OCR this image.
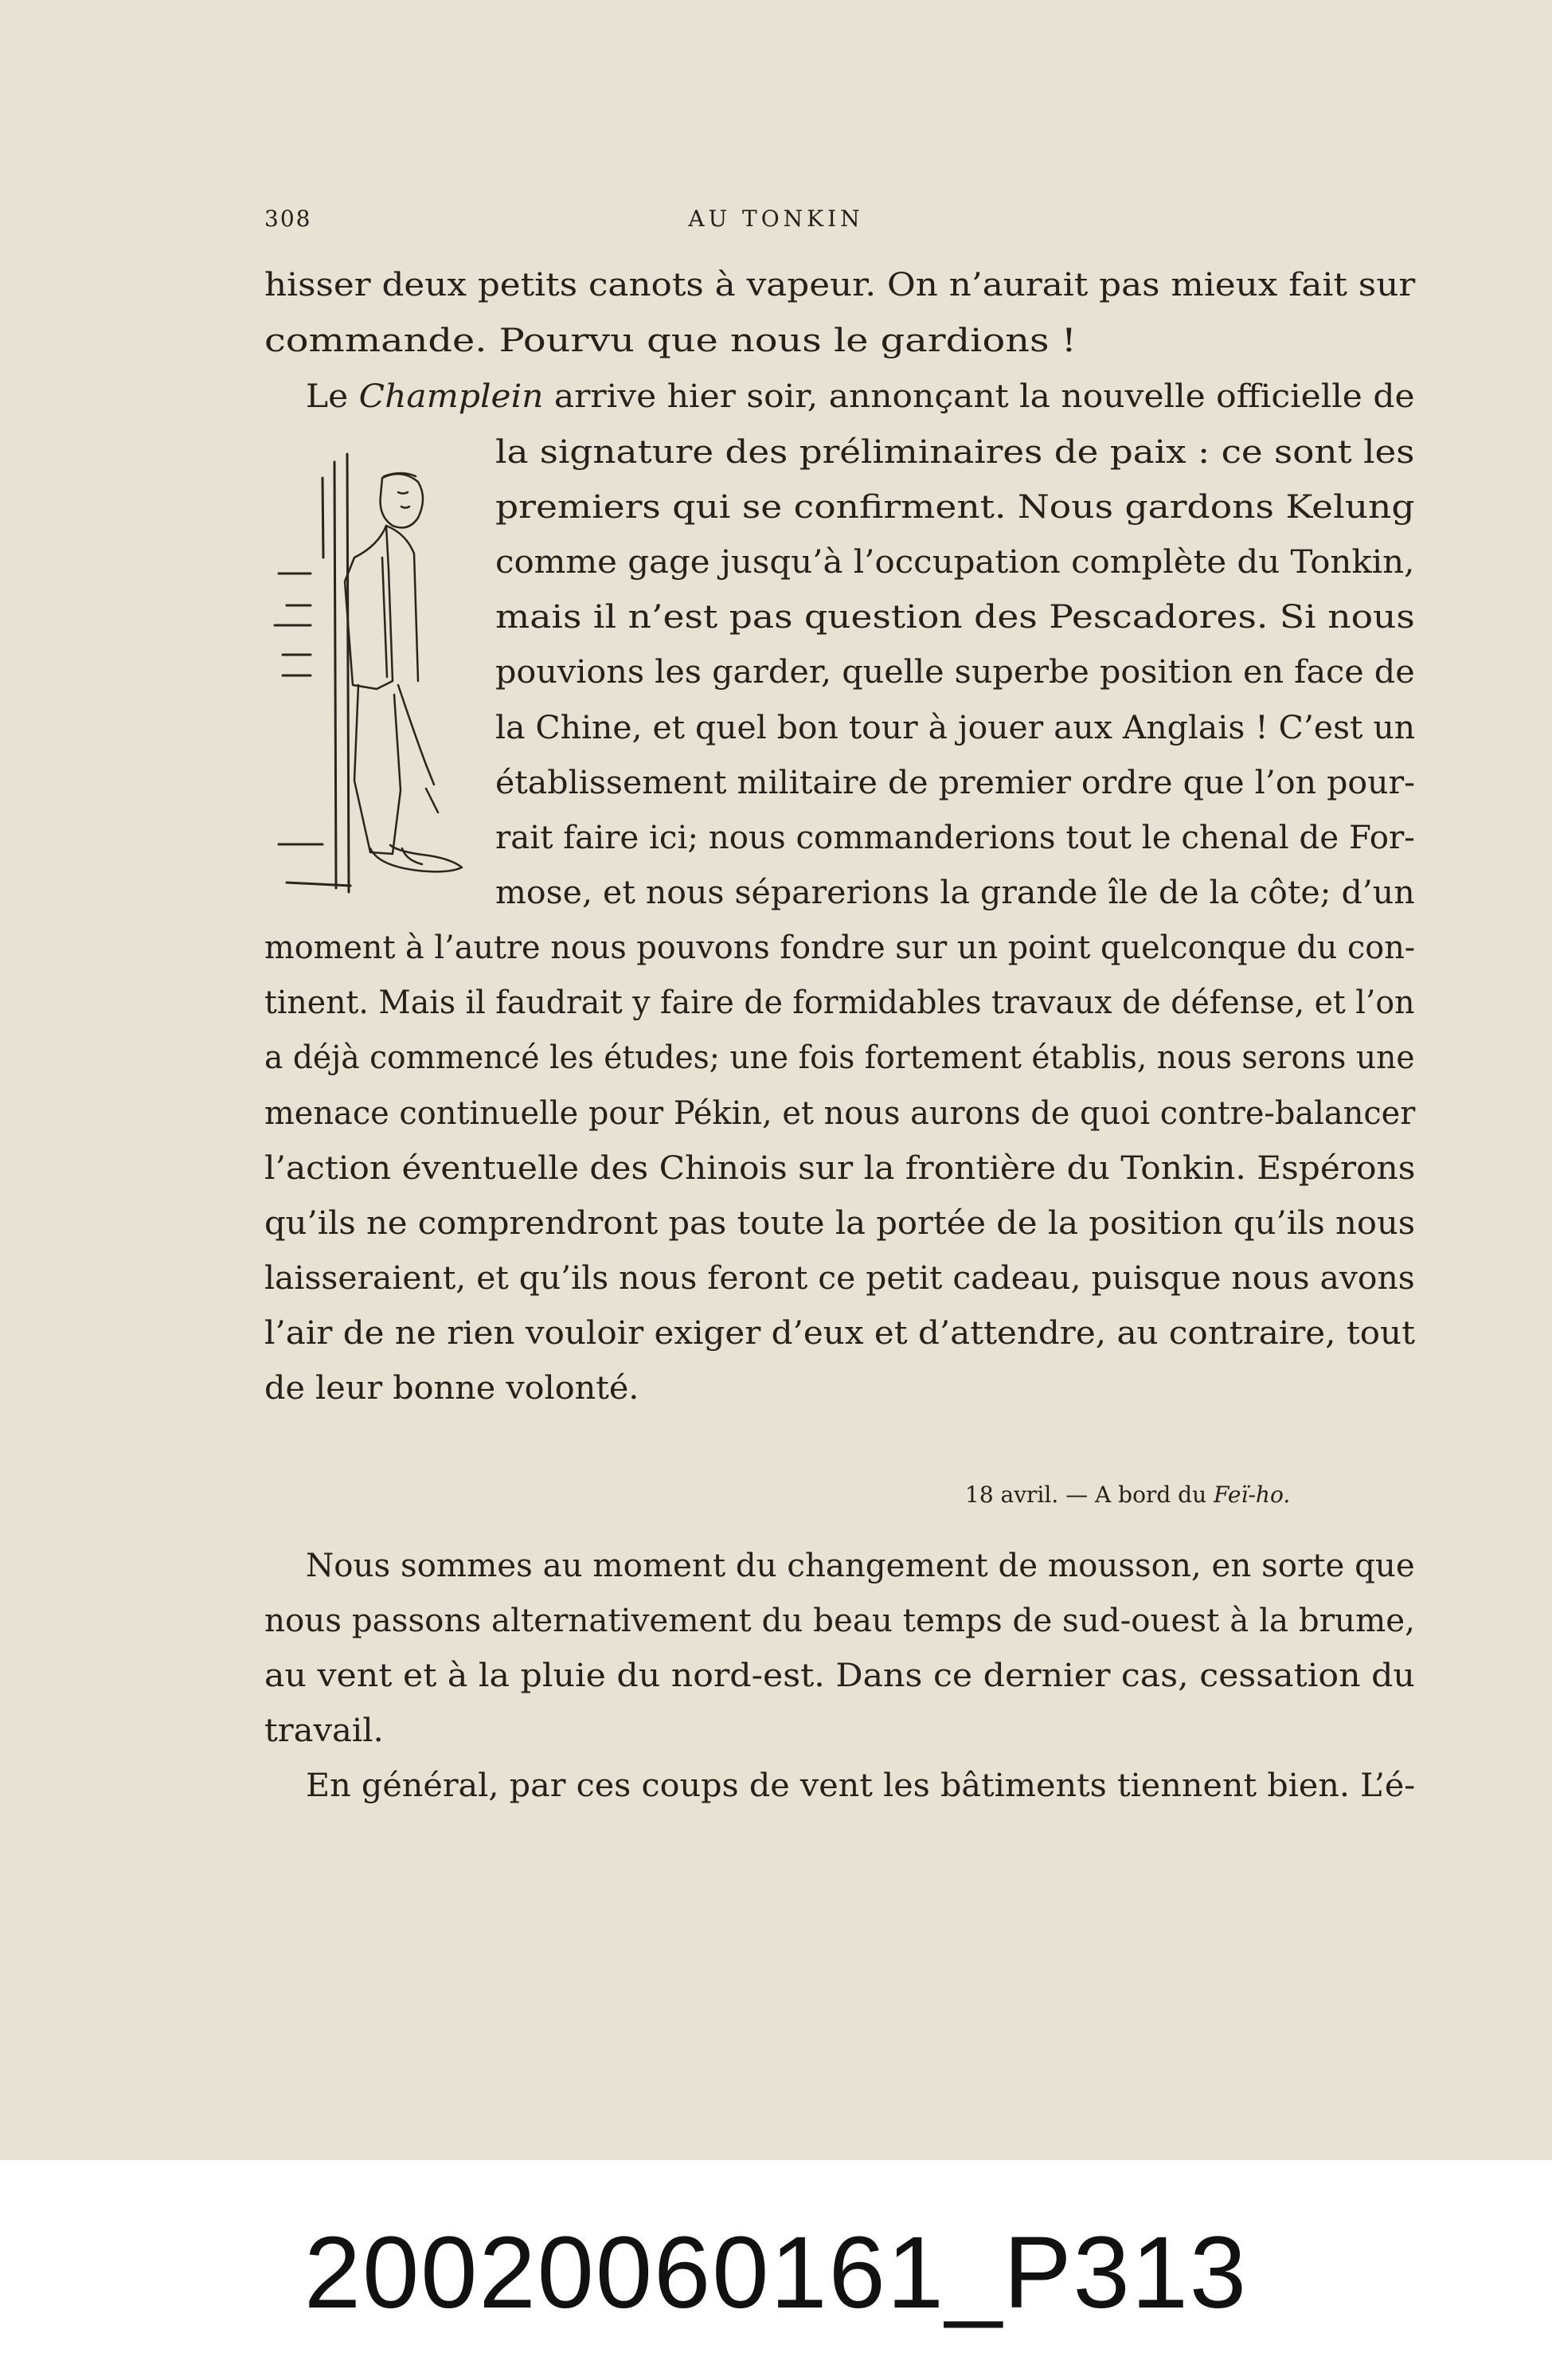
308	AU TONKIN
hisser deux petits canots à vapeur. On n’aurait pas mieux fait sur
commande. Pourvu que nous le gardions !
Le Champlein arrive hier soir, annonçant la nouvelle officielle de
la signature des préliminaires de paix : ce sont les
premiers qui se confirment. Nous gardons Kelung
comme gage jusqu’à l’occupation complète du Tonkin,
mais il n’est pas question des Pescadores. Si nous
pouvions les garder, quelle superbe position en face de
la Chine, et quel bon tour à jouer aux Anglais ! C’est un
établissement militaire de premier ordre que l’on pour-
rait faire ici; nous commanderions tout le chenal de For-
mose, et nous séparerions la grande île de la côte; d’un
moment à l’autre nous pouvons fondre sur un point quelconque du con-
tinent. Mais il faudrait y faire de formidables travaux de défense, et l’on
a déjà commencé les études; une fois fortement établis, nous serons une
menace continuelle pour Pékin, et nous aurons de quoi contre-balancer
l’action éventuelle des Chinois sur la frontière du Tonkin. Espérons
qu’ils ne comprendront pas toute la portée de la position qu’ils nous
laisseraient, et qu’ils nous feront ce petit cadeau, puisque nous avons
l’air de ne rien vouloir exiger d’eux et d’attendre, au contraire, tout
de leur bonne volonté.
Nous sommes au moment du changement de mousson, en sorte que
nous passons alternativement du beau temps de sud-ouest à la brume,
au vent et à la pluie du nord-est. Dans ce dernier cas, cessation du
travail.
En général, par ces coups de vent les bâtiments tiennent bien. L’é-
18 avril. — A bord du Feï-ho.
20020060161_P313
